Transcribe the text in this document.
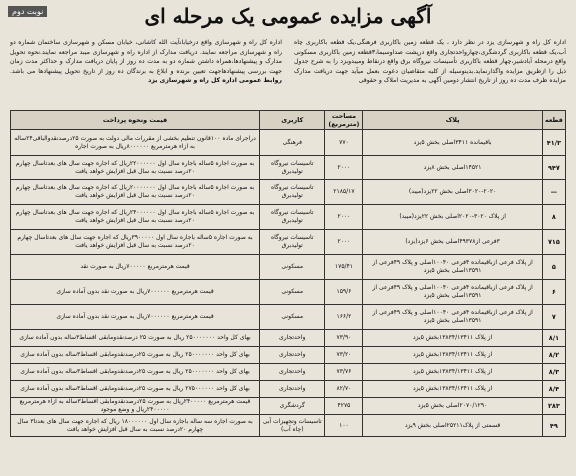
نوبت دوم	آگهی مزایده عمومی یک مرحله ای
اداره کل راه و شهرسازی یزد در نظر دارد ، یک قطعه زمین باکاربری فرهنگی،یک قطعه باکاربری چاه آب،یک قطعه باکاربری گردشگری،چهارواحدتجاری واقع درپشت صداوسیما،۳قطعه زمین باکاربری مسکونی واقع درمحله آبادشیر،چهار قطعه باکاربری تأسیسات نیروگاه برق واقع درنقاط ومیبدوبزد را به شرح جدول ذیل را ازطریق مزایده واگذارنماید.بدینوسیله از کلیه متقاضیان دعوت بعمل میآید جهت دریافت مدارک مزایده ظرف مدت ده روز از تاریخ انتشار دومین آگهی به مدیریت املاک و حقوقی
اداره کل راه و شهرسازی واقع درخیابانآیت الله کاشانی، خیابان مسکن و شهرسازی ساختمان شماره دو راه و شهرسازی مراجعه نمایند. دریافت مدارک از اداره راه و شهرسازی میبد مراجعه نمایند.نحوه تحویل مدارک و پیشنهادها،همراه داشتن شماره دو به مدت ده روز از پایان دریافت مدارک و حداکثر مدت زمان جهت بررسی پیشنهادهاجهت تعیین برنده و ابلاغ به برندگان ده روز از تاریخ تحویل پیشنهادها می باشد. روابط عمومی اداره کل راه و شهرسازی یزد
قطعه	پلاک	مساحت (مترمربع)	کاربری	قیمت ونحوه پرداخت
۴۱/۳	باقیمانده ۳۴۱۱اصلی بخش ۵یزد	۷۷۰	فرهنگی	دراجرای ماده ۱۰۰قانون تنظیم بخشی از مقررات مالی دولت به صورت ۲۵درصدنقدوالباقی۲۴ساله به ازاء هرمترمربع ۸۰۰۰۰۰۰ریال به صورت اجاره
۹۴۷	۱۴۵۲۱اصلی بخش ۸یزد	۲۰۰۰	تاسیسات نیروگاه تولیدبرق	به صورت اجاره ۵ساله باجاره سال اول ۲۲۰۰۰۰۰۰ریال که اجاره جهت سال های بعدتاسال چهارم ۲۰درصد نسبت به سال قبل افزایش خواهد یافت
—	۳۰۲۰-۲۰۲۰اصلی بخش ۲۲یزد(میبد)	۲۱۸۵/۱۷	تاسیسات نیروگاه تولیدبرق	به صورت اجاره ۵ساله باجاره سال اول ۲۰۰۰۰۰۰۰ریال که اجاره جهت سال های بعدتاسال چهارم ۲۰درصد نسبت به سال قبل افزایش خواهد یافت
۸	از پلاک ۳۰۲۰-۲۰۲۰اصلی بخش ۲۲یزد(میبد)	۲۰۰۰	تاسیسات نیروگاه تولیدبرق	به صورت اجاره ۵ساله باجاره سال اول ۲۴۰۰۰۰۰۰ریال که اجاره جهت سال های بعدتاسال چهارم ۲۰درصد نسبت به سال قبل افزایش خواهد یافت
۷۱۵	۳فرعی از۴۹۳۷۸اصلی بخش ۶یزد(بزد)	۲۰۰۰	تاسیسات نیروگاه تولیدبرق	به صورت اجاره ۵ساله باجاره سال اول ۳۹۰۰۰۰۰ریال که اجاره جهت سال های بعدتاسال چهارم ۲۰درصد نسبت به سال قبل افزایش خواهد یافت
۵	از پلاک فرعی ازباقیمانده ۴فرعی ۱۰۰۴۰اصلی و پلاک ۴۹فرعی از ۱۳۵۹۱اصلی بخش ۵یزد	۱۷۵/۴۱	مسکونی	قیمت هرمترمربع ۷۰۰۰۰۰ریال به صورت نقد
۶	از پلاک فرعی ازباقیمانده ۴فرعی ۱۰۰۴۰اصلی و پلاک ۴۹فرعی از ۱۳۵۹۱اصلی بخش ۵یزد	۱۵۹/۶	مسکونی	قیمت هرمترمربع ۷۰۰۰۰۰۰ریال به صورت نقد بدون آماده سازی
۷	از پلاک فرعی ازباقیمانده ۴فرعی ۱۰۰۴۰اصلی و پلاک ۴۹فرعی از ۱۳۵۹۱اصلی بخش ۵یزد	۱۶۶/۲	مسکونی	قیمت هرمترمربع ۷۰۰۰۰۰۰ریال به صورت نقد بدون آماده سازی
۸/۱	از پلاک ۱۳۸۳۴/۱۳۴۱۱بخش ۵یزد	۷۳/۹۰	واحدتجاری	بهای کل واحد ۲۵۰۰۰۰۰۰۰ ریال به صورت ۲۵ درصدنقدومابقی اقساط۳ساله بدون آماده سازی
۸/۲	از پلاک ۱۳۸۳۴/۱۳۴۱۱بخش ۵یزد	۷۳/۲۰	واحدتجاری	بهای کل واحد ۲۵۰۰۰۰۰۰۰ ریال به صورت ۲۵درصدنقدومابقی اقساط۳ساله بدون آماده سازی
۸/۳	از پلاک ۱۳۸۳۴/۱۳۴۱۱بخش ۵یزد	۷۳/۷۶	واحدتجاری	بهای کل واحد ۲۵۰۰۰۰۰۰۰ ریال به صورت ۲۵درصدنقدومابقی اقساط۳ساله بدون آماده سازی
۸/۴	از پلاک ۱۳۸۳۴/۱۳۴۱۱بخش ۵یزد	۸۲/۷۰	واحدتجاری	بهای کل واحد ۲۷۵۰۰۰۰۰۰ ریال به صورت ۲۵درصدنقدومابقی اقساط۳ساله بدون آماده سازی
۲۸۳	۲۰۷۰/۱۲۹۰اصلی بخش ۵یزد	۴۲۷۵	گردشگری	قیمت هرمترمربع ۲۴۰۰۰۰۰ریال به صورت ۲۵درصدنقدومابقی اقساط۳ساله به ازاء هرمترمربع ۲۴۰۰۰۰۰ریال و وضع موجود
۴۹	قسمتی از پلاک۲۵۲۱۱اصلی بخش ۹یزد	۱۰۰	تاسیسات وتجهیزات آبی (چاه آب)	به صورت اجاره سه ساله باجاره سال اول ۱۸۰۰۰۰۰۰ ریال که اجاره جهت سال های بعدتا۳ سال چهارم ۲۰درصد نسبت به سال قبل افزایش خواهد یافت
